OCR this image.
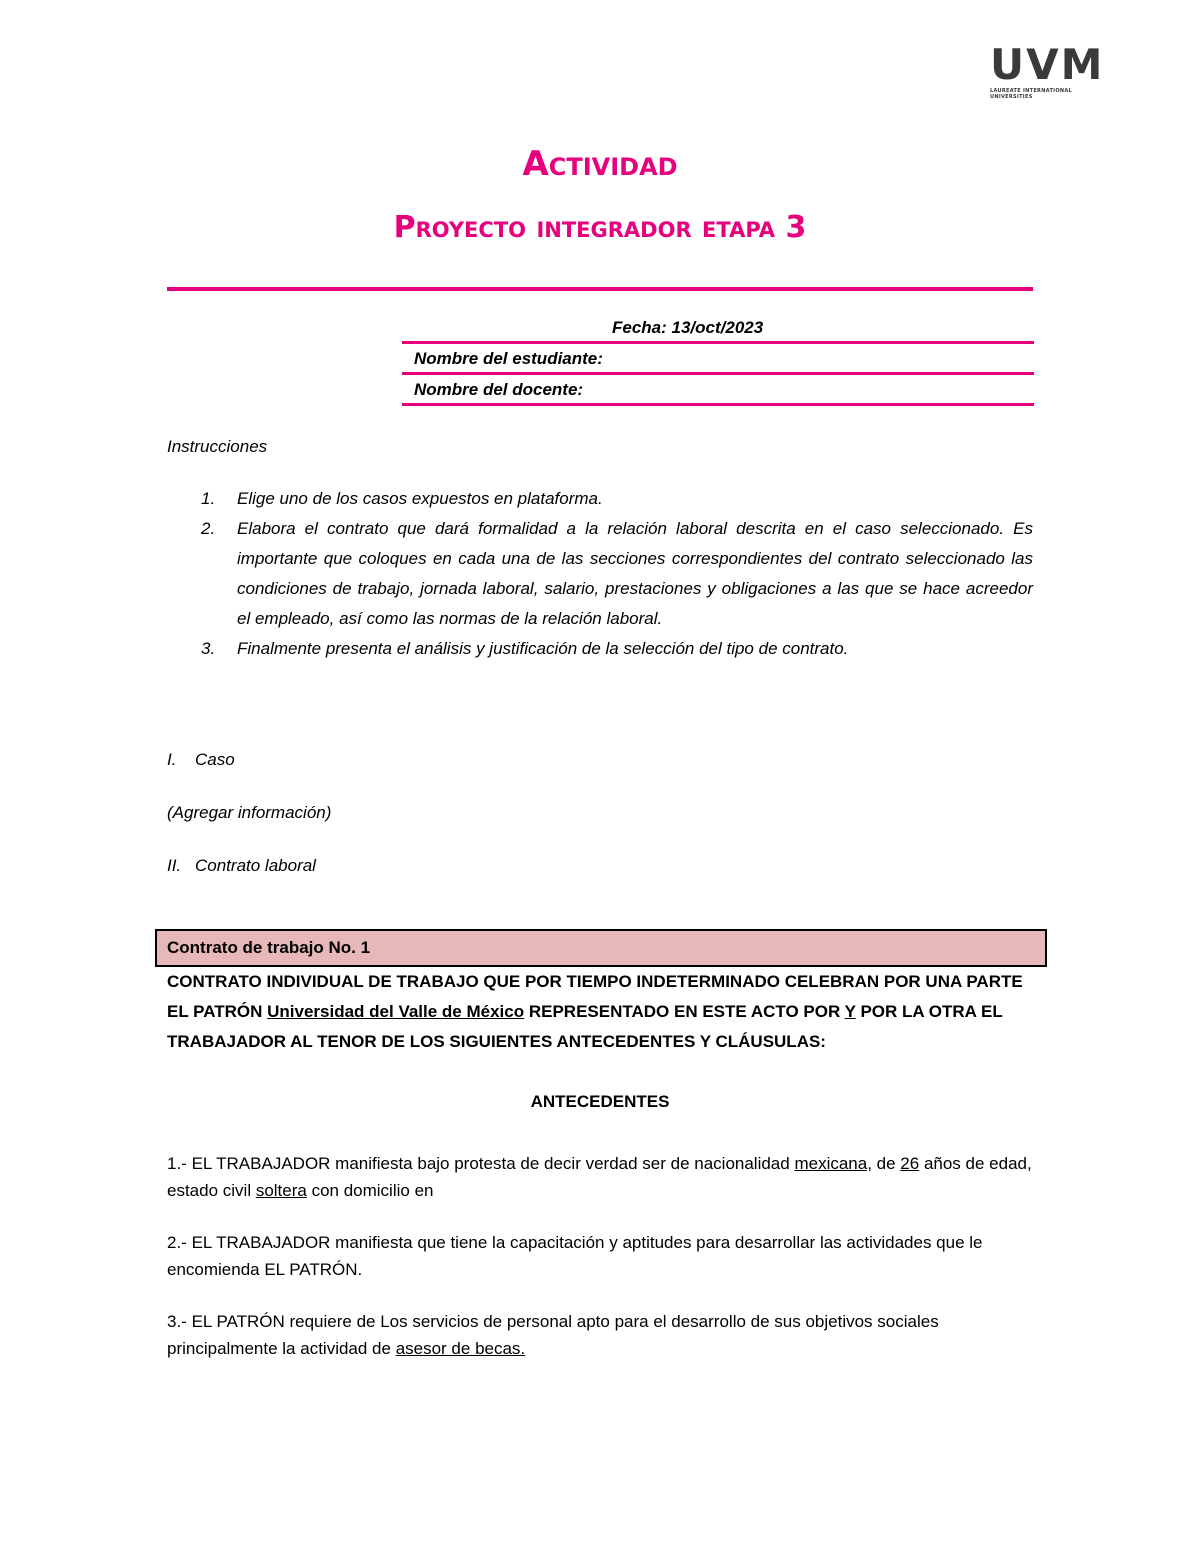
UVM
LAUREATE INTERNATIONAL UNIVERSITIES
Actividad
Proyecto integrador etapa 3
Fecha: 13/oct/2023
Nombre del estudiante:
Nombre del docente:
Instrucciones
1. Elige uno de los casos expuestos en plataforma.
2. Elabora el contrato que dará formalidad a la relación laboral descrita en el caso seleccionado. Es importante que coloques en cada una de las secciones correspondientes del contrato seleccionado las condiciones de trabajo, jornada laboral, salario, prestaciones y obligaciones a las que se hace acreedor el empleado, así como las normas de la relación laboral.
3. Finalmente presenta el análisis y justificación de la selección del tipo de contrato.
I. Caso
(Agregar información)
II. Contrato laboral
Contrato de trabajo No. 1
CONTRATO INDIVIDUAL DE TRABAJO QUE POR TIEMPO INDETERMINADO CELEBRAN POR UNA PARTE EL PATRÓN Universidad del Valle de México REPRESENTADO EN ESTE ACTO POR Y POR LA OTRA EL TRABAJADOR AL TENOR DE LOS SIGUIENTES ANTECEDENTES Y CLÁUSULAS:
ANTECEDENTES
1.- EL TRABAJADOR manifiesta bajo protesta de decir verdad ser de nacionalidad mexicana, de 26 años de edad, estado civil soltera con domicilio en
2.- EL TRABAJADOR manifiesta que tiene la capacitación y aptitudes para desarrollar las actividades que le encomienda EL PATRÓN.
3.- EL PATRÓN requiere de Los servicios de personal apto para el desarrollo de sus objetivos sociales principalmente la actividad de asesor de becas.
